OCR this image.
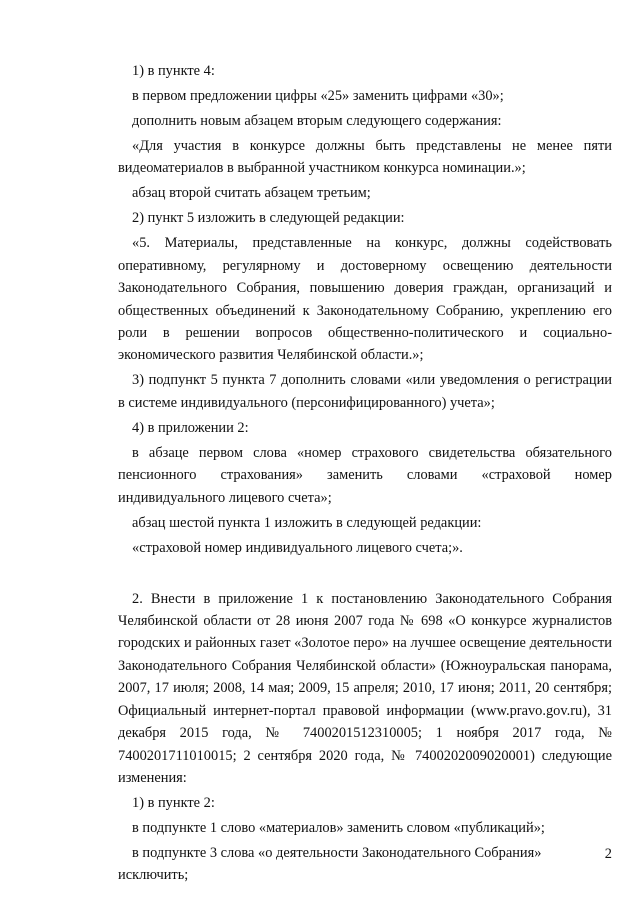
1) в пункте 4:

в первом предложении цифры «25» заменить цифрами «30»;

дополнить новым абзацем вторым следующего содержания:

«Для участия в конкурсе должны быть представлены не менее пяти видеоматериалов в выбранной участником конкурса номинации.»;

абзац второй считать абзацем третьим;

2) пункт 5 изложить в следующей редакции:

«5. Материалы, представленные на конкурс, должны содействовать оперативному, регулярному и достоверному освещению деятельности Законодательного Собрания, повышению доверия граждан, организаций и общественных объединений к Законодательному Собранию, укреплению его роли в решении вопросов общественно-политического и социально-экономического развития Челябинской области.»;

3) подпункт 5 пункта 7 дополнить словами «или уведомления о регистрации в системе индивидуального (персонифицированного) учета»;

4) в приложении 2:

в абзаце первом слова «номер страхового свидетельства обязательного пенсионного страхования» заменить словами «страховой номер индивидуального лицевого счета»;

абзац шестой пункта 1 изложить в следующей редакции:

«страховой номер индивидуального лицевого счета;».

2. Внести в приложение 1 к постановлению Законодательного Собрания Челябинской области от 28 июня 2007 года № 698 «О конкурсе журналистов городских и районных газет «Золотое перо» на лучшее освещение деятельности Законодательного Собрания Челябинской области» (Южноуральская панорама, 2007, 17 июля; 2008, 14 мая; 2009, 15 апреля; 2010, 17 июня; 2011, 20 сентября; Официальный интернет-портал правовой информации (www.pravo.gov.ru), 31 декабря 2015 года, № 7400201512310005; 1 ноября 2017 года, № 7400201711010015; 2 сентября 2020 года, № 7400202009020001) следующие изменения:

1) в пункте 2:

в подпункте 1 слово «материалов» заменить словом «публикаций»;

в подпункте 3 слова «о деятельности Законодательного Собрания» исключить;

2
